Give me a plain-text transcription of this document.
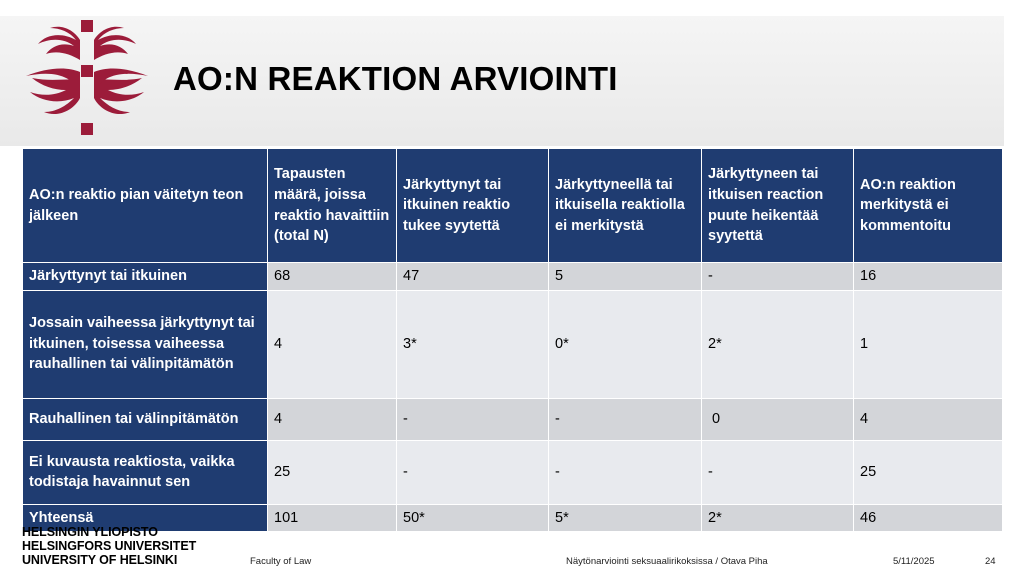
AO:N REAKTION ARVIOINTI
AO:n reaktio pian väitetyn teon jälkeen	Tapausten määrä, joissa reaktio havaittiin (total N)	Järkyttynyt tai itkuinen reaktio tukee syytettä	Järkyttyneellä tai itkuisella reaktiolla ei merkitystä	Järkyttyneen tai itkuisen reaction puute heikentää syytettä	AO:n reaktion merkitystä ei kommentoitu
Järkyttynyt tai itkuinen	68	47	5	-	16
Jossain vaiheessa järkyttynyt tai itkuinen, toisessa vaiheessa rauhallinen tai välinpitämätön	4	3*	0*	2*	1
Rauhallinen tai välinpitämätön	4	-	-	0	4
Ei kuvausta reaktiosta, vaikka todistaja havainnut sen	25	-	-	-	25
Yhteensä	101	50*	5*	2*	46
HELSINGIN YLIOPISTO
HELSINGFORS UNIVERSITET
UNIVERSITY OF HELSINKI	Faculty of Law	Näytönarviointi seksuaalirikoksissa / Otava Piha	5/11/2025	24
